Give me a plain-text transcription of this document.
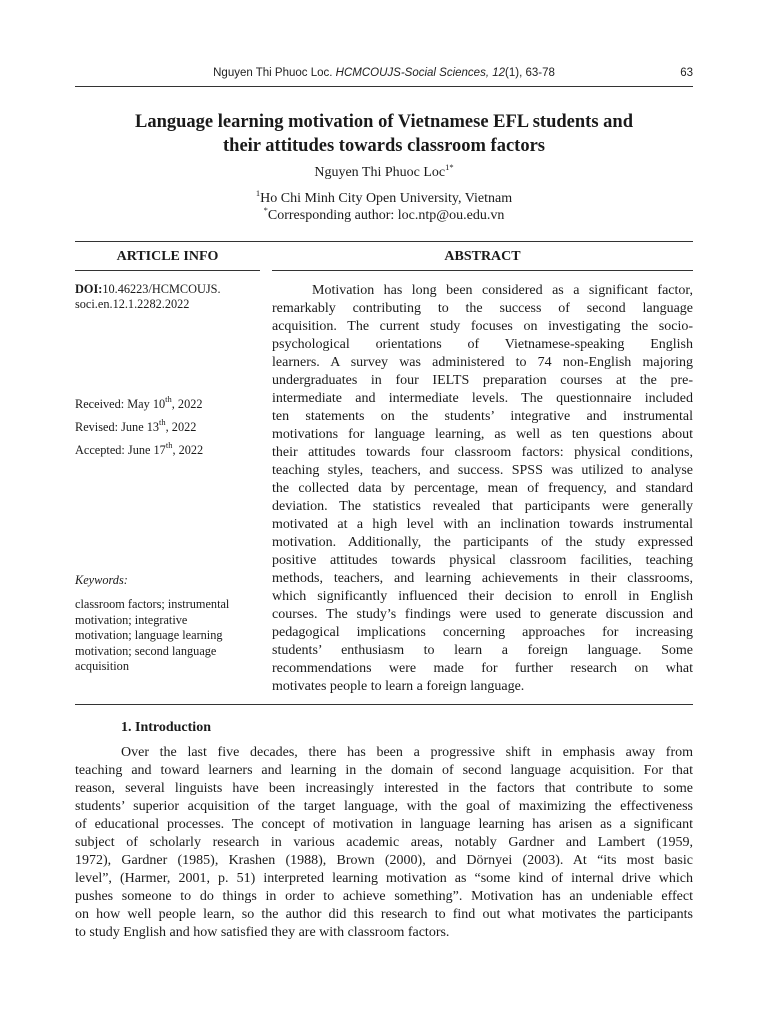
Nguyen Thi Phuoc Loc. HCMCOUJS-Social Sciences, 12(1), 63-78	63
Language learning motivation of Vietnamese EFL students and
their attitudes towards classroom factors
Nguyen Thi Phuoc Loc$^{1*}$
$^1$Ho Chi Minh City Open University, Vietnam
*Corresponding author: loc.ntp@ou.edu.vn
ARTICLE INFO	ABSTRACT
DOI:10.46223/HCMCOUJS.
soci.en.12.1.2282.2022
Received: May 10th, 2022
Revised: June 13th, 2022
Accepted: June 17th, 2022
Keywords:
classroom factors; instrumental
motivation; integrative
motivation; language learning
motivation; second language
acquisition
Motivation has long been considered as a significant factor,
remarkably contributing to the success of second language
acquisition. The current study focuses on investigating the socio-
psychological orientations of Vietnamese-speaking English
learners. A survey was administered to 74 non-English majoring
undergraduates in four IELTS preparation courses at the pre-
intermediate and intermediate levels. The questionnaire included
ten statements on the students’ integrative and instrumental
motivations for language learning, as well as ten questions about
their attitudes towards four classroom factors: physical conditions,
teaching styles, teachers, and success. SPSS was utilized to analyse
the collected data by percentage, mean of frequency, and standard
deviation. The statistics revealed that participants were generally
motivated at a high level with an inclination towards instrumental
motivation. Additionally, the participants of the study expressed
positive attitudes towards physical classroom facilities, teaching
methods, teachers, and learning achievements in their classrooms,
which significantly influenced their decision to enroll in English
courses. The study’s findings were used to generate discussion and
pedagogical implications concerning approaches for increasing
students’ enthusiasm to learn a foreign language. Some
recommendations were made for further research on what
motivates people to learn a foreign language.
1. Introduction
Over the last five decades, there has been a progressive shift in emphasis away from
teaching and toward learners and learning in the domain of second language acquisition. For that
reason, several linguists have been increasingly interested in the factors that contribute to some
students’ superior acquisition of the target language, with the goal of maximizing the effectiveness
of educational processes. The concept of motivation in language learning has arisen as a significant
subject of scholarly research in various academic areas, notably Gardner and Lambert (1959,
1972), Gardner (1985), Krashen (1988), Brown (2000), and Dörnyei (2003). At “its most basic
level”, (Harmer, 2001, p. 51) interpreted learning motivation as “some kind of internal drive which
pushes someone to do things in order to achieve something”. Motivation has an undeniable effect
on how well people learn, so the author did this research to find out what motivates the participants
to study English and how satisfied they are with classroom factors.
